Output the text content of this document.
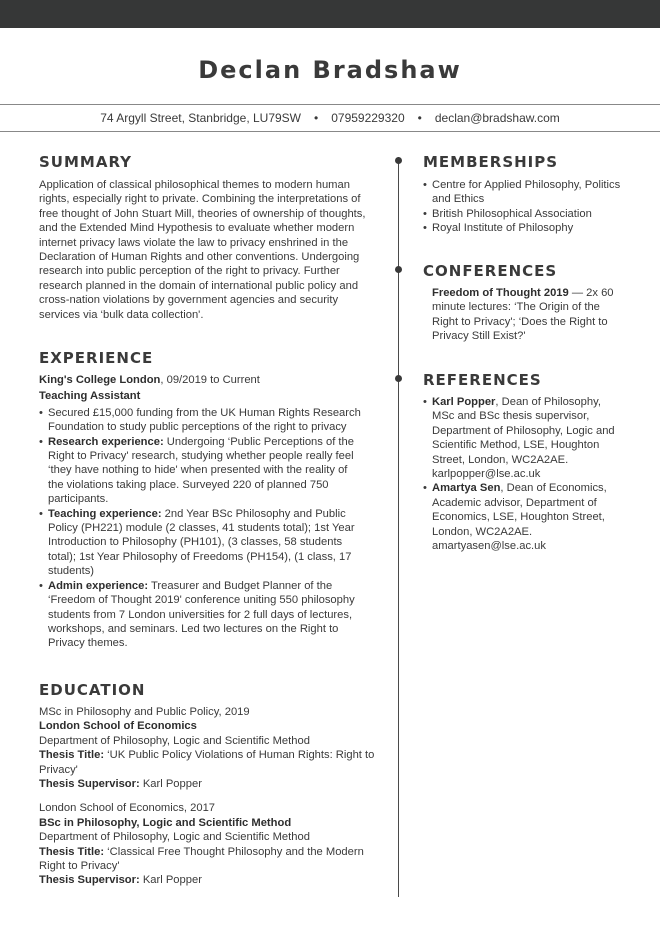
Declan Bradshaw
74 Argyll Street, Stanbridge, LU79SW • 07959229320 • declan@bradshaw.com
SUMMARY

Application of classical philosophical themes to modern human rights, especially right to private. Combining the interpretations of free thought of John Stuart Mill, theories of ownership of thoughts, and the Extended Mind Hypothesis to evaluate whether modern internet privacy laws violate the law to privacy enshrined in the Declaration of Human Rights and other conventions. Undergoing research into public perception of the right to privacy. Further research planned in the domain of international public policy and cross-nation violations by government agencies and security services via ‘bulk data collection'.

EXPERIENCE

King's College London, 09/2019 to Current

Teaching Assistant

• Secured £15,000 funding from the UK Human Rights Research Foundation to study public perceptions of the right to privacy
• Research experience: Undergoing ‘Public Perceptions of the Right to Privacy' research, studying whether people really feel ‘they have nothing to hide' when presented with the reality of the violations taking place. Surveyed 220 of planned 750 participants.
• Teaching experience: 2nd Year BSc Philosophy and Public Policy (PH221) module (2 classes, 41 students total); 1st Year Introduction to Philosophy (PH101), (3 classes, 58 students total); 1st Year Philosophy of Freedoms (PH154), (1 class, 17 students)
• Admin experience: Treasurer and Budget Planner of the ‘Freedom of Thought 2019' conference uniting 550 philosophy students from 7 London universities for 2 full days of lectures, workshops, and seminars. Led two lectures on the Right to Privacy themes.
EDUCATION

MSc in Philosophy and Public Policy, 2019

London School of Economics

Department of Philosophy, Logic and Scientific Method

Thesis Title: ‘UK Public Policy Violations of Human Rights: Right to Privacy'

Thesis Supervisor: Karl Popper

London School of Economics, 2017

BSc in Philosophy, Logic and Scientific Method

Department of Philosophy, Logic and Scientific Method

Thesis Title: ‘Classical Free Thought Philosophy and the Modern Right to Privacy'

Thesis Supervisor: Karl Popper

MEMBERSHIPS
• Centre for Applied Philosophy, Politics and Ethics
• British Philosophical Association
• Royal Institute of Philosophy
CONFERENCES

Freedom of Thought 2019 — 2x 60 minute lectures: ‘The Origin of the Right to Privacy'; ‘Does the Right to Privacy Still Exist?'

REFERENCES
• Karl Popper, Dean of Philosophy, MSc and BSc thesis supervisor, Department of Philosophy, Logic and Scientific Method, LSE, Houghton Street, London, WC2A2AE.
karlpopper@lse.ac.uk
• Amartya Sen, Dean of Economics, Academic advisor, Department of Economics, LSE, Houghton Street, London, WC2A2AE.
amartyasen@lse.ac.uk
